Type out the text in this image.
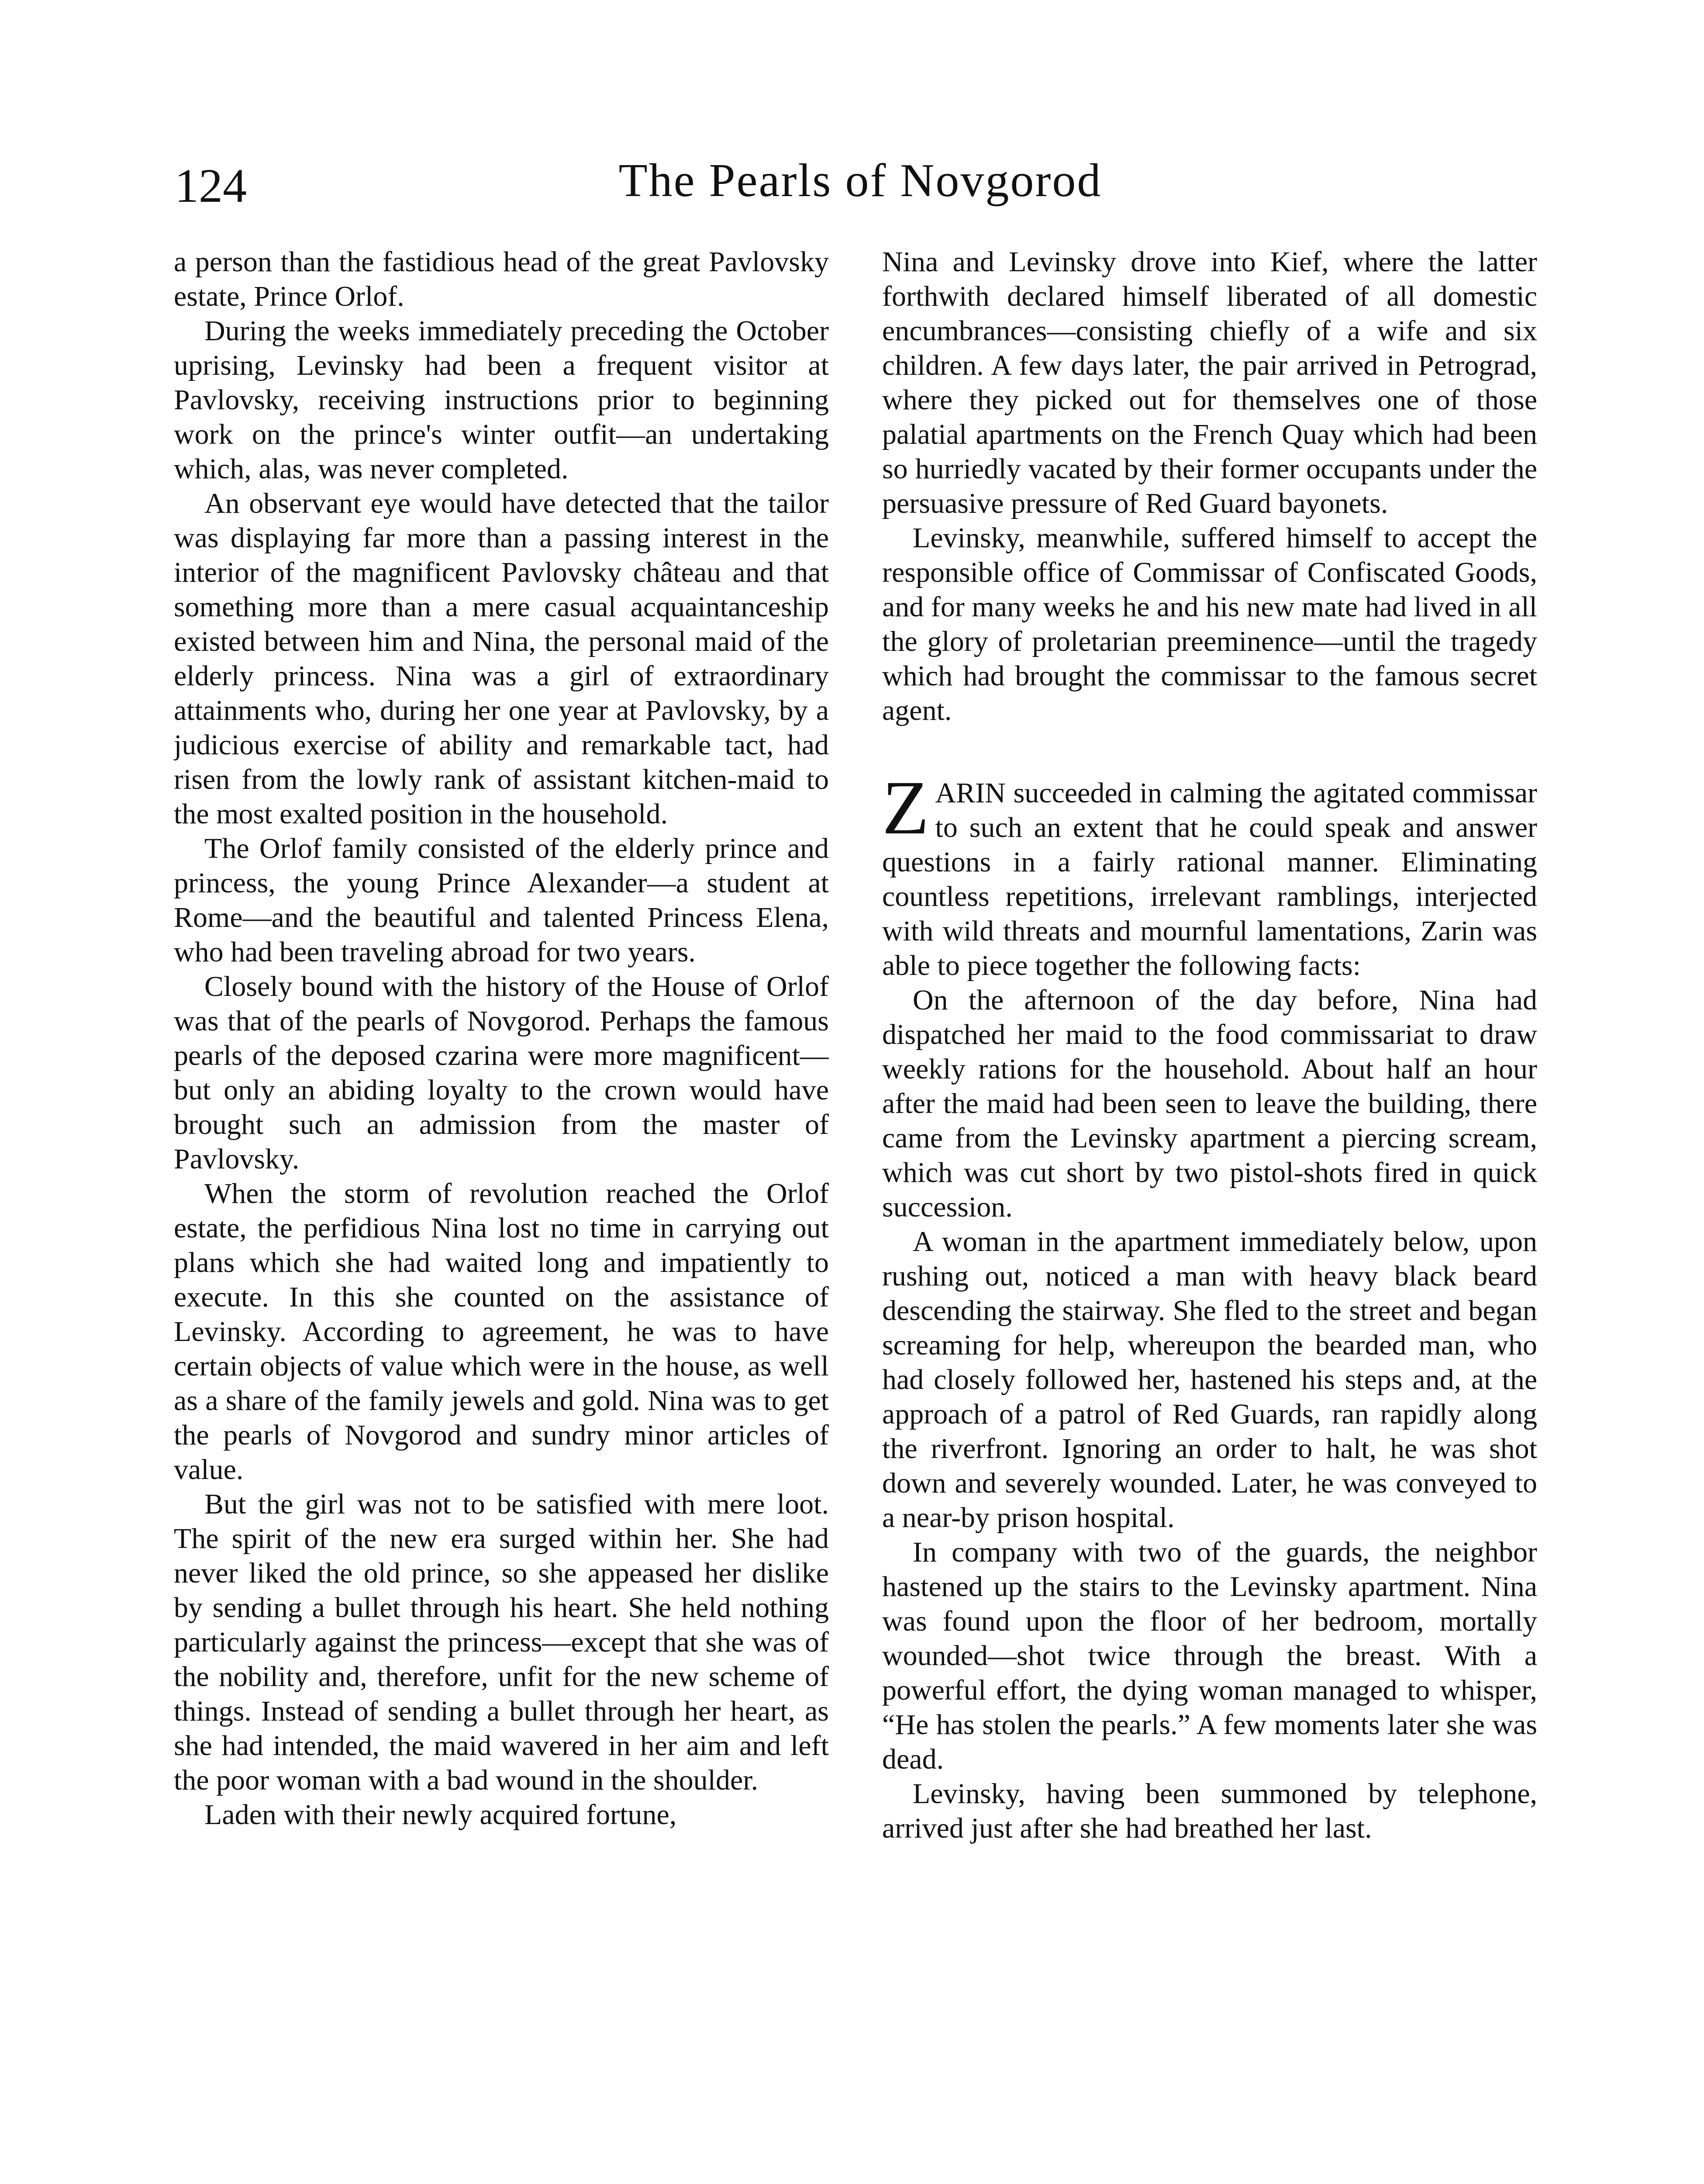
124	The Pearls of Novgorod

a person than the fastidious head of the great Pavlovsky estate, Prince Orlof.

During the weeks immediately preceding the October uprising, Levinsky had been a frequent visitor at Pavlovsky, receiving instructions prior to beginning work on the prince's winter outfit—an undertaking which, alas, was never completed.

An observant eye would have detected that the tailor was displaying far more than a passing interest in the interior of the magnificent Pavlovsky château and that something more than a mere casual acquaintanceship existed between him and Nina, the personal maid of the elderly princess. Nina was a girl of extraordinary attainments who, during her one year at Pavlovsky, by a judicious exercise of ability and remarkable tact, had risen from the lowly rank of assistant kitchen-maid to the most exalted position in the household.

The Orlof family consisted of the elderly prince and princess, the young Prince Alexander—a student at Rome—and the beautiful and talented Princess Elena, who had been traveling abroad for two years.

Closely bound with the history of the House of Orlof was that of the pearls of Novgorod. Perhaps the famous pearls of the deposed czarina were more magnificent—but only an abiding loyalty to the crown would have brought such an admission from the master of Pavlovsky.

When the storm of revolution reached the Orlof estate, the perfidious Nina lost no time in carrying out plans which she had waited long and impatiently to execute. In this she counted on the assistance of Levinsky. According to agreement, he was to have certain objects of value which were in the house, as well as a share of the family jewels and gold. Nina was to get the pearls of Novgorod and sundry minor articles of value.

But the girl was not to be satisfied with mere loot. The spirit of the new era surged within her. She had never liked the old prince, so she appeased her dislike by sending a bullet through his heart. She held nothing particularly against the princess—except that she was of the nobility and, therefore, unfit for the new scheme of things. Instead of sending a bullet through her heart, as she had intended, the maid wavered in her aim and left the poor woman with a bad wound in the shoulder.

Laden with their newly acquired fortune,

Nina and Levinsky drove into Kief, where the latter forthwith declared himself liberated of all domestic encumbrances—consisting chiefly of a wife and six children. A few days later, the pair arrived in Petrograd, where they picked out for themselves one of those palatial apartments on the French Quay which had been so hurriedly vacated by their former occupants under the persuasive pressure of Red Guard bayonets.

Levinsky, meanwhile, suffered himself to accept the responsible office of Commissar of Confiscated Goods, and for many weeks he and his new mate had lived in all the glory of proletarian preeminence—until the tragedy which had brought the commissar to the famous secret agent.

ZARIN succeeded in calming the agitated commissar to such an extent that he could speak and answer questions in a fairly rational manner. Eliminating countless repetitions, irrelevant ramblings, interjected with wild threats and mournful lamentations, Zarin was able to piece together the following facts:

On the afternoon of the day before, Nina had dispatched her maid to the food commissariat to draw weekly rations for the household. About half an hour after the maid had been seen to leave the building, there came from the Levinsky apartment a piercing scream, which was cut short by two pistol-shots fired in quick succession.

A woman in the apartment immediately below, upon rushing out, noticed a man with heavy black beard descending the stairway. She fled to the street and began screaming for help, whereupon the bearded man, who had closely followed her, hastened his steps and, at the approach of a patrol of Red Guards, ran rapidly along the riverfront. Ignoring an order to halt, he was shot down and severely wounded. Later, he was conveyed to a near-by prison hospital.

In company with two of the guards, the neighbor hastened up the stairs to the Levinsky apartment. Nina was found upon the floor of her bedroom, mortally wounded—shot twice through the breast. With a powerful effort, the dying woman managed to whisper, “He has stolen the pearls.” A few moments later she was dead.

Levinsky, having been summoned by telephone, arrived just after she had breathed her last.
